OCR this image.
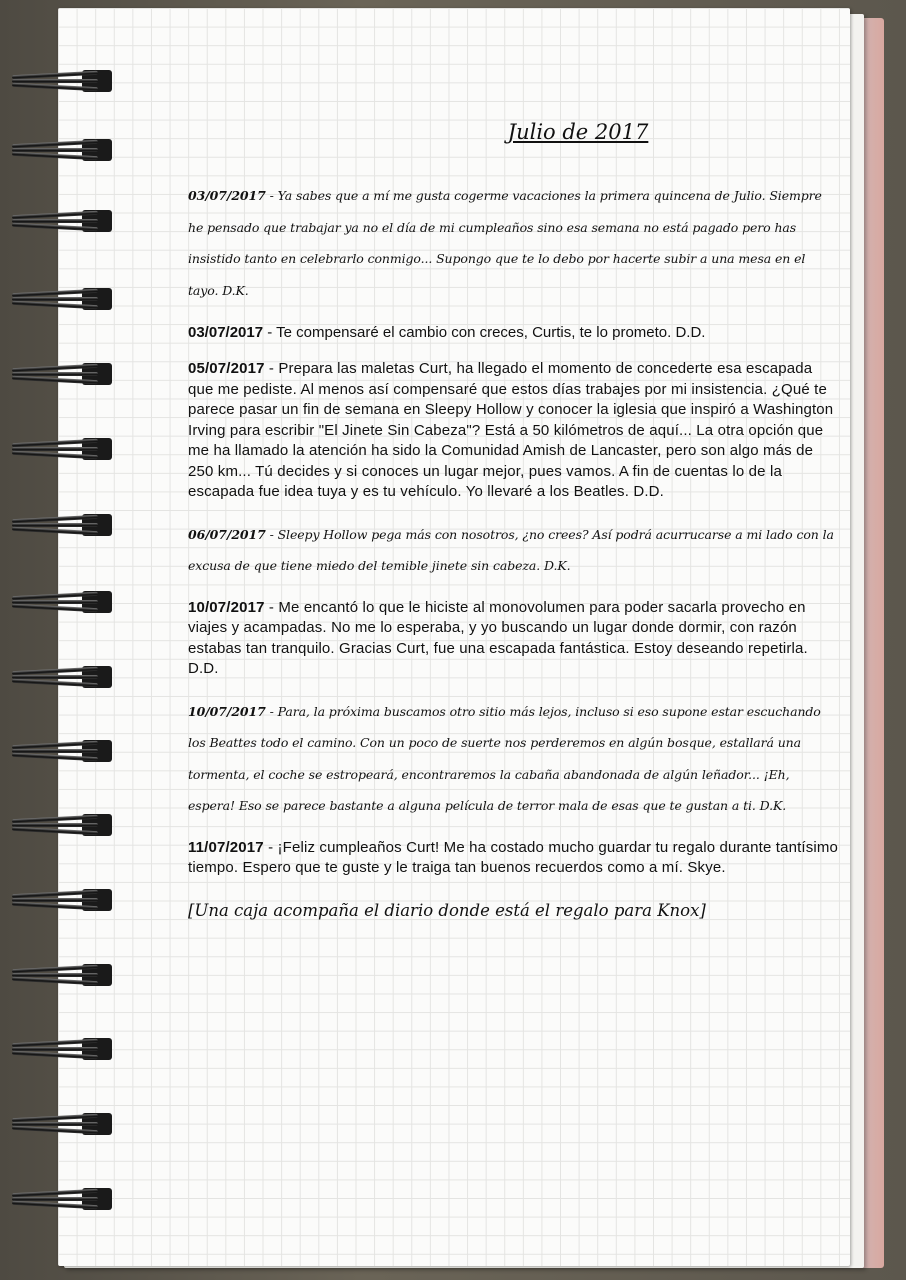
Julio de 2017

03/07/2017 - Ya sabes que a mí me gusta cogerme vacaciones la primera quincena de Julio. Siempre he pensado que trabajar ya no el día de mi cumpleaños sino esa semana no está pagado pero has insistido tanto en celebrarlo conmigo... Supongo que te lo debo por hacerte subir a una mesa en el tayo. D.K.

03/07/2017 - Te compensaré el cambio con creces, Curtis, te lo prometo. D.D.

05/07/2017 - Prepara las maletas Curt, ha llegado el momento de concederte esa escapada que me pediste. Al menos así compensaré que estos días trabajes por mi insistencia. ¿Qué te parece pasar un fin de semana en Sleepy Hollow y conocer la iglesia que inspiró a Washington Irving para escribir "El Jinete Sin Cabeza"? Está a 50 kilómetros de aquí... La otra opción que me ha llamado la atención ha sido la Comunidad Amish de Lancaster, pero son algo más de 250 km... Tú decides y si conoces un lugar mejor, pues vamos. A fin de cuentas lo de la escapada fue idea tuya y es tu vehículo. Yo llevaré a los Beatles. D.D.

06/07/2017 - Sleepy Hollow pega más con nosotros, ¿no crees? Así podrá acurrucarse a mi lado con la excusa de que tiene miedo del temible jinete sin cabeza. D.K.

10/07/2017 - Me encantó lo que le hiciste al monovolumen para poder sacarla provecho en viajes y acampadas. No me lo esperaba, y yo buscando un lugar donde dormir, con razón estabas tan tranquilo. Gracias Curt, fue una escapada fantástica. Estoy deseando repetirla. D.D.

10/07/2017 - Para, la próxima buscamos otro sitio más lejos, incluso si eso supone estar escuchando los Beattes todo el camino. Con un poco de suerte nos perderemos en algún bosque, estallará una tormenta, el coche se estropeará, encontraremos la cabaña abandonada de algún leñador... ¡Eh, espera! Eso se parece bastante a alguna película de terror mala de esas que te gustan a ti. D.K.

11/07/2017 - ¡Feliz cumpleaños Curt! Me ha costado mucho guardar tu regalo durante tantísimo tiempo. Espero que te guste y le traiga tan buenos recuerdos como a mí. Skye.

[Una caja acompaña el diario donde está el regalo para Knox]
